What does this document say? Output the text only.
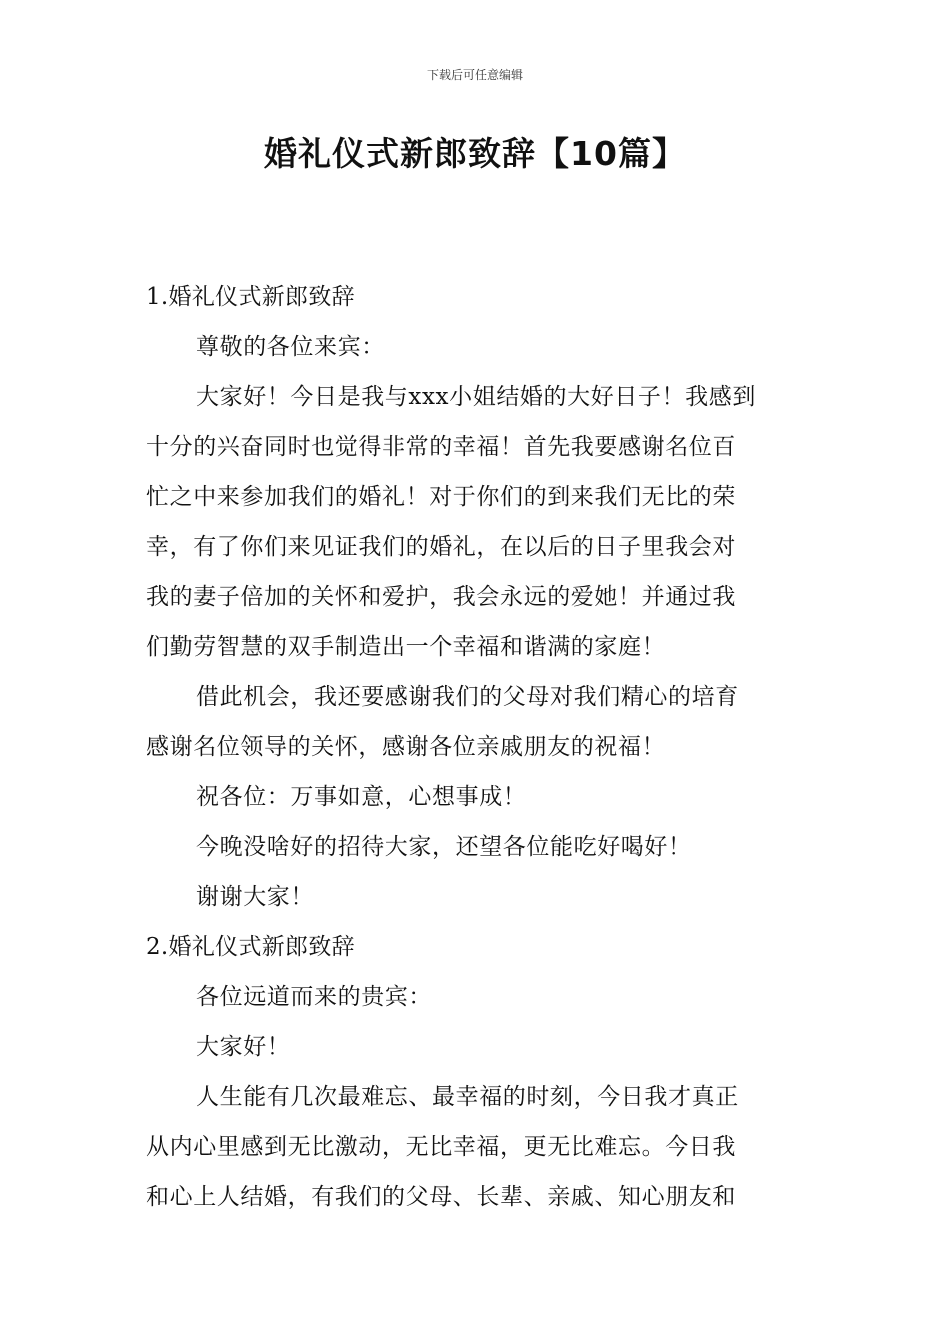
下载后可任意编辑
婚礼仪式新郎致辞【10篇】
1.婚礼仪式新郎致辞
尊敬的各位来宾：
大家好！今日是我与xxx小姐结婚的大好日子！我感到
十分的兴奋同时也觉得非常的幸福！首先我要感谢名位百
忙之中来参加我们的婚礼！对于你们的到来我们无比的荣
幸，有了你们来见证我们的婚礼，在以后的日子里我会对
我的妻子倍加的关怀和爱护，我会永远的爱她！并通过我
们勤劳智慧的双手制造出一个幸福和谐满的家庭！
借此机会，我还要感谢我们的父母对我们精心的培育
感谢名位领导的关怀，感谢各位亲戚朋友的祝福！
祝各位：万事如意，心想事成！
今晚没啥好的招待大家，还望各位能吃好喝好！
谢谢大家！
2.婚礼仪式新郎致辞
各位远道而来的贵宾：
大家好！
人生能有几次最难忘、最幸福的时刻，今日我才真正
从内心里感到无比激动，无比幸福，更无比难忘。今日我
和心上人结婚，有我们的父母、长辈、亲戚、知心朋友和
